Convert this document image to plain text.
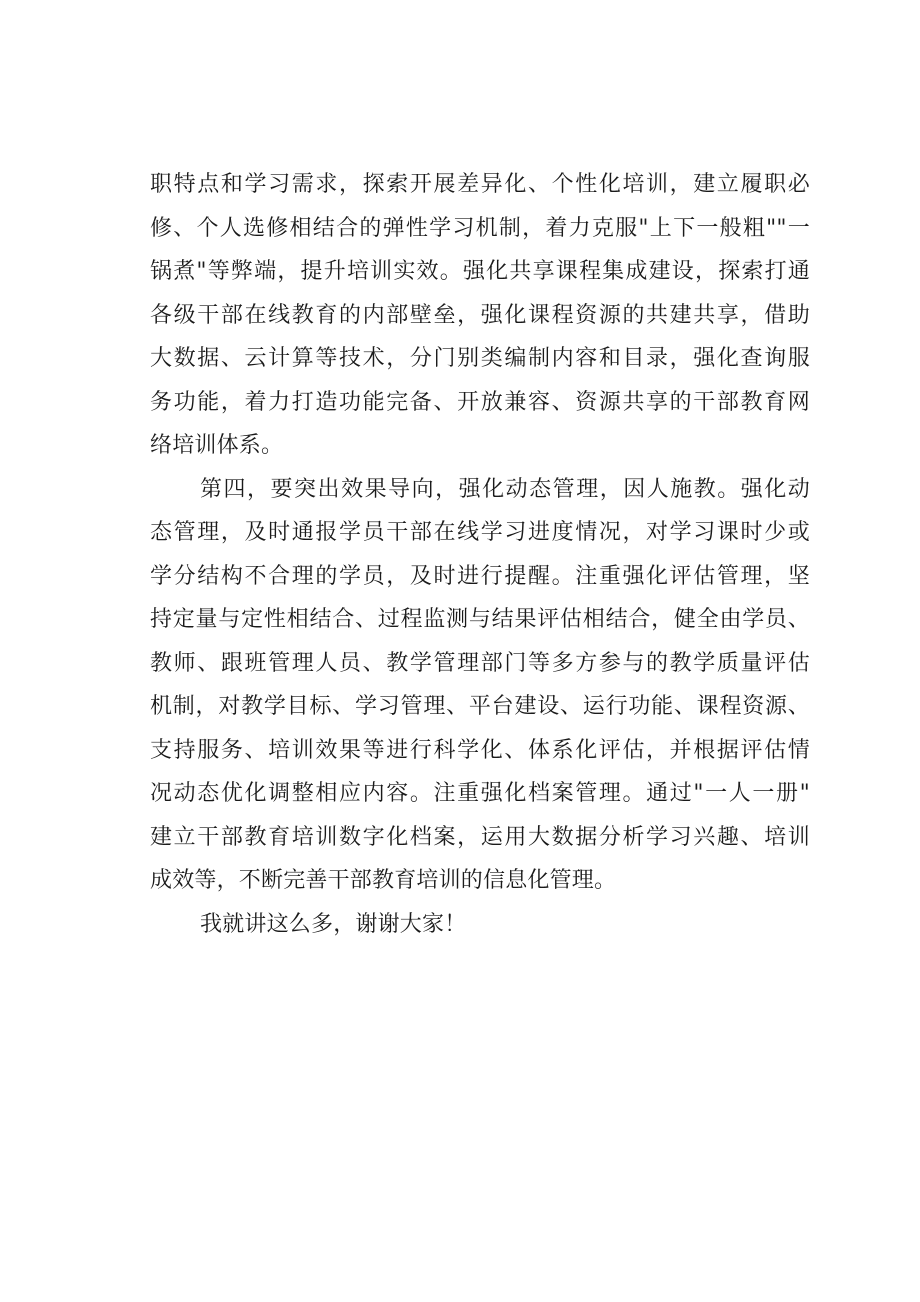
职特点和学习需求，探索开展差异化、个性化培训，建立履职必
修、个人选修相结合的弹性学习机制，着力克服"上下一般粗""一
锅煮"等弊端，提升培训实效。强化共享课程集成建设，探索打通
各级干部在线教育的内部壁垒，强化课程资源的共建共享，借助
大数据、云计算等技术，分门别类编制内容和目录，强化查询服
务功能，着力打造功能完备、开放兼容、资源共享的干部教育网
络培训体系。
第四，要突出效果导向，强化动态管理，因人施教。强化动
态管理，及时通报学员干部在线学习进度情况，对学习课时少或
学分结构不合理的学员，及时进行提醒。注重强化评估管理，坚
持定量与定性相结合、过程监测与结果评估相结合，健全由学员、
教师、跟班管理人员、教学管理部门等多方参与的教学质量评估
机制，对教学目标、学习管理、平台建设、运行功能、课程资源、
支持服务、培训效果等进行科学化、体系化评估，并根据评估情
况动态优化调整相应内容。注重强化档案管理。通过"一人一册"
建立干部教育培训数字化档案，运用大数据分析学习兴趣、培训
成效等，不断完善干部教育培训的信息化管理。
我就讲这么多，谢谢大家！
